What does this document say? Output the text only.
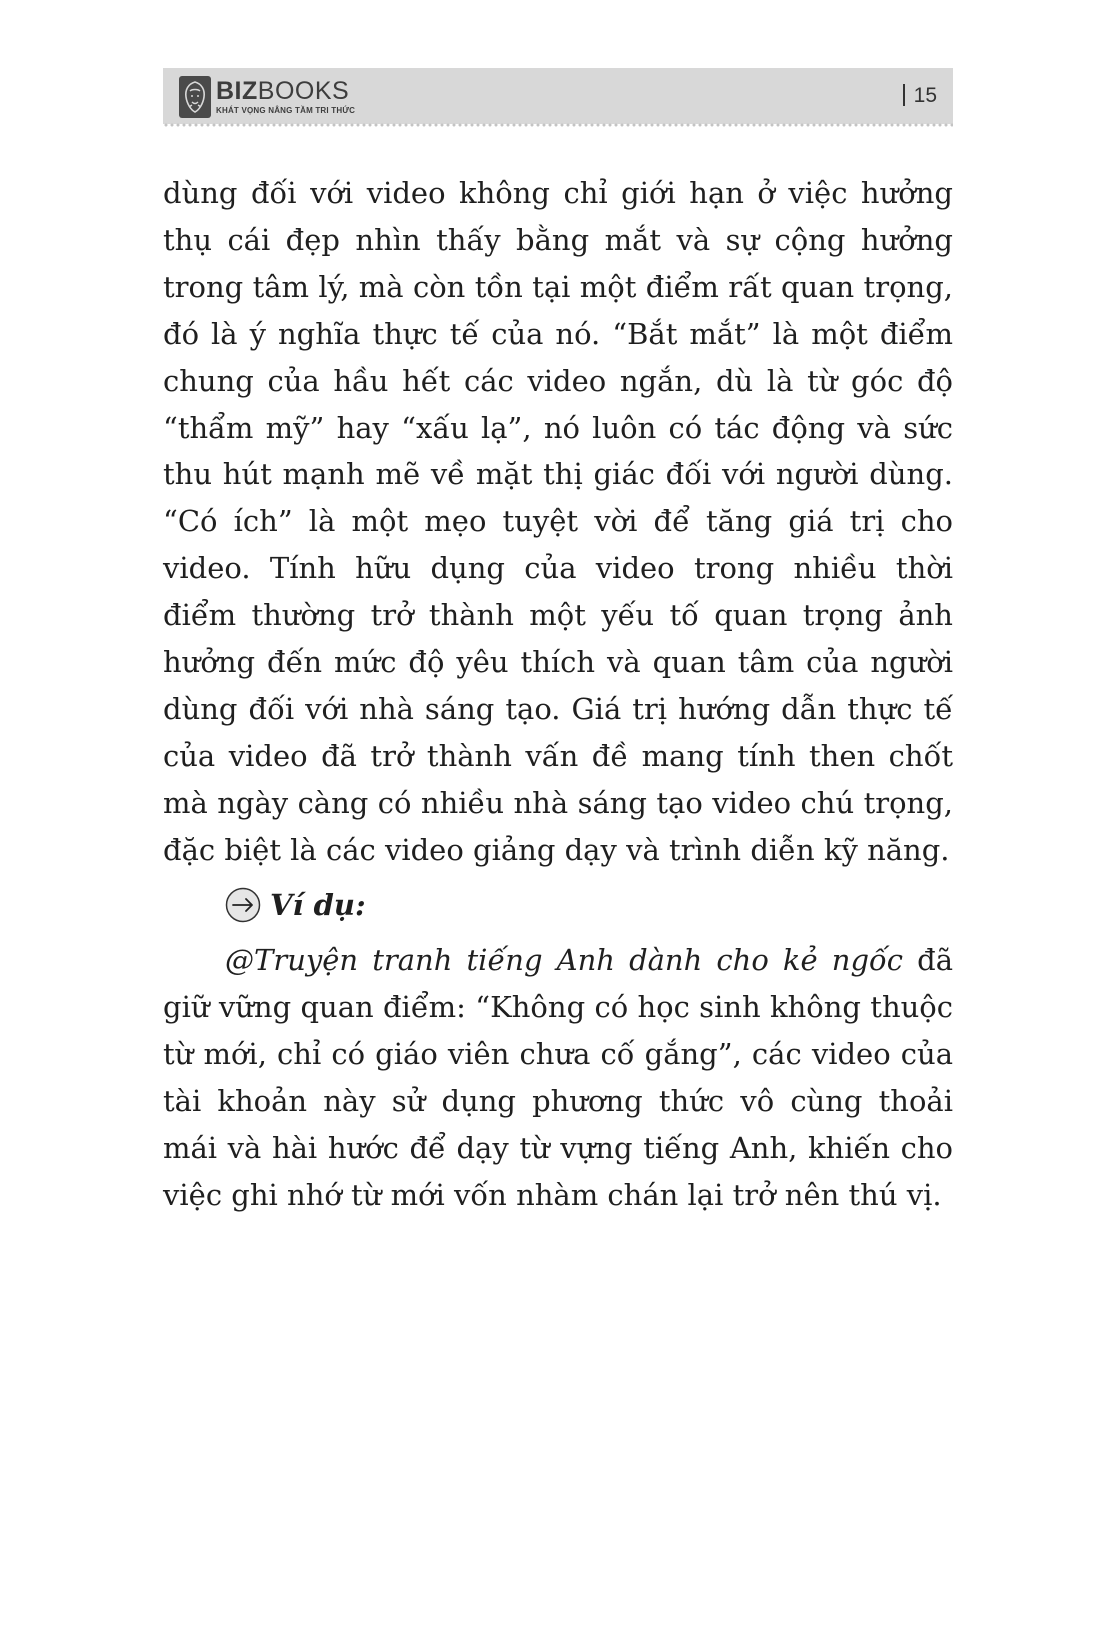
BIZBOOKS
KHÁT VỌNG NÂNG TẦM TRI THỨC
15

dùng đối với video không chỉ giới hạn ở việc hưởng thụ cái đẹp nhìn thấy bằng mắt và sự cộng hưởng trong tâm lý, mà còn tồn tại một điểm rất quan trọng, đó là ý nghĩa thực tế của nó. “Bắt mắt” là một điểm chung của hầu hết các video ngắn, dù là từ góc độ “thẩm mỹ” hay “xấu lạ”, nó luôn có tác động và sức thu hút mạnh mẽ về mặt thị giác đối với người dùng. “Có ích” là một mẹo tuyệt vời để tăng giá trị cho video. Tính hữu dụng của video trong nhiều thời điểm thường trở thành một yếu tố quan trọng ảnh hưởng đến mức độ yêu thích và quan tâm của người dùng đối với nhà sáng tạo. Giá trị hướng dẫn thực tế của video đã trở thành vấn đề mang tính then chốt mà ngày càng có nhiều nhà sáng tạo video chú trọng, đặc biệt là các video giảng dạy và trình diễn kỹ năng.

Ví dụ:

@Truyện tranh tiếng Anh dành cho kẻ ngốc đã giữ vững quan điểm: “Không có học sinh không thuộc từ mới, chỉ có giáo viên chưa cố gắng”, các video của tài khoản này sử dụng phương thức vô cùng thoải mái và hài hước để dạy từ vựng tiếng Anh, khiến cho việc ghi nhớ từ mới vốn nhàm chán lại trở nên thú vị.
